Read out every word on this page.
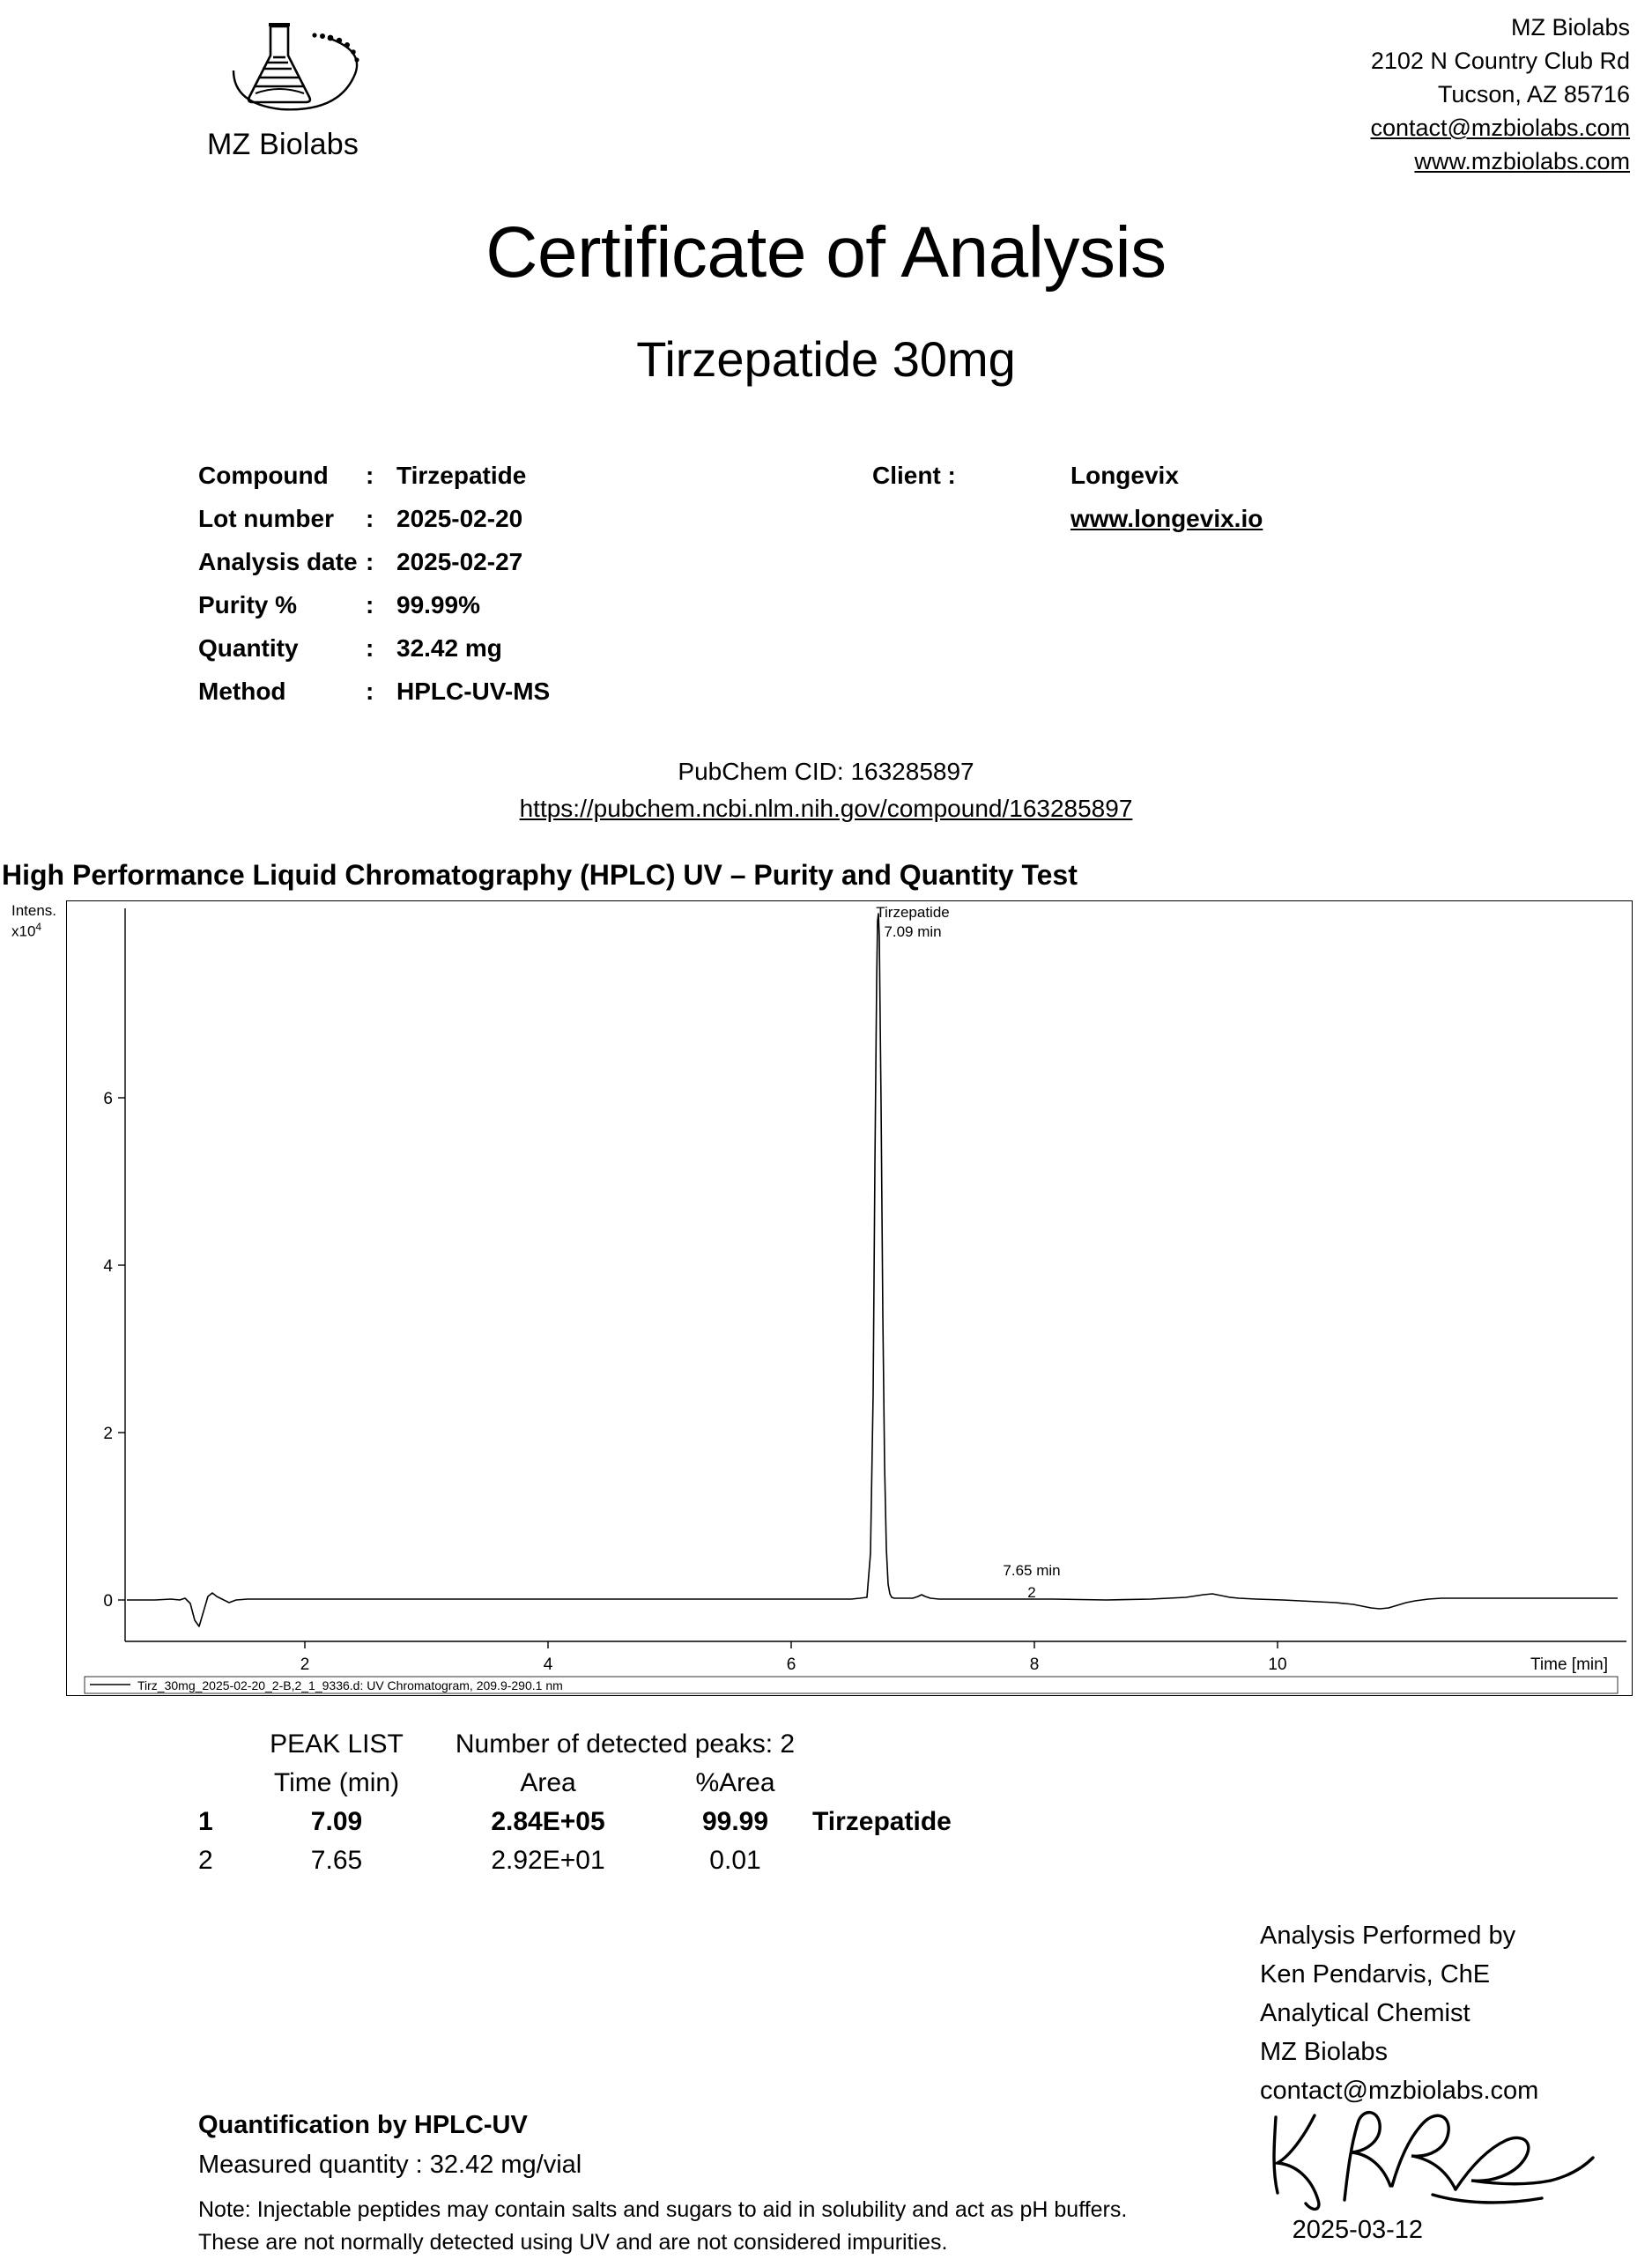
MZ Biolabs
MZ Biolabs
2102 N Country Club Rd
Tucson, AZ 85716
contact@mzbiolabs.com
www.mzbiolabs.com
Certificate of Analysis
Tirzepatide 30mg
Compound	: Tirzepatide
Lot number	: 2025-02-20
Analysis date : 2025-02-27
Purity %	: 99.99%
Quantity	: 32.42 mg
Method	: HPLC-UV-MS
Client :	Longevix
www.longevix.io
PubChem CID: 163285897
https://pubchem.ncbi.nlm.nih.gov/compound/163285897
High Performance Liquid Chromatography (HPLC) UV – Purity and Quantity Test
Intens.
$x10^4$
0
2
4
6
2	4	6	8	10	Time [min]
Tirzepatide
7.09 min
7.65 min
2
Tirz_30mg_2025-02-20_2-B,2_1_9336.d: UV Chromatogram, 209.9-290.1 nm
	PEAK LIST	Number of detected peaks: 2		
	Time (min)	Area	%Area	
1	7.09	2.84E+05	99.99	Tirzepatide
2	7.65	2.92E+01	0.01	
Analysis Performed by
Ken Pendarvis, ChE
Analytical Chemist
MZ Biolabs
contact@mzbiolabs.com
2025-03-12
Quantification by HPLC-UV
Measured quantity : 32.42 mg/vial
Note: Injectable peptides may contain salts and sugars to aid in solubility and act as pH buffers.
These are not normally detected using UV and are not considered impurities.
